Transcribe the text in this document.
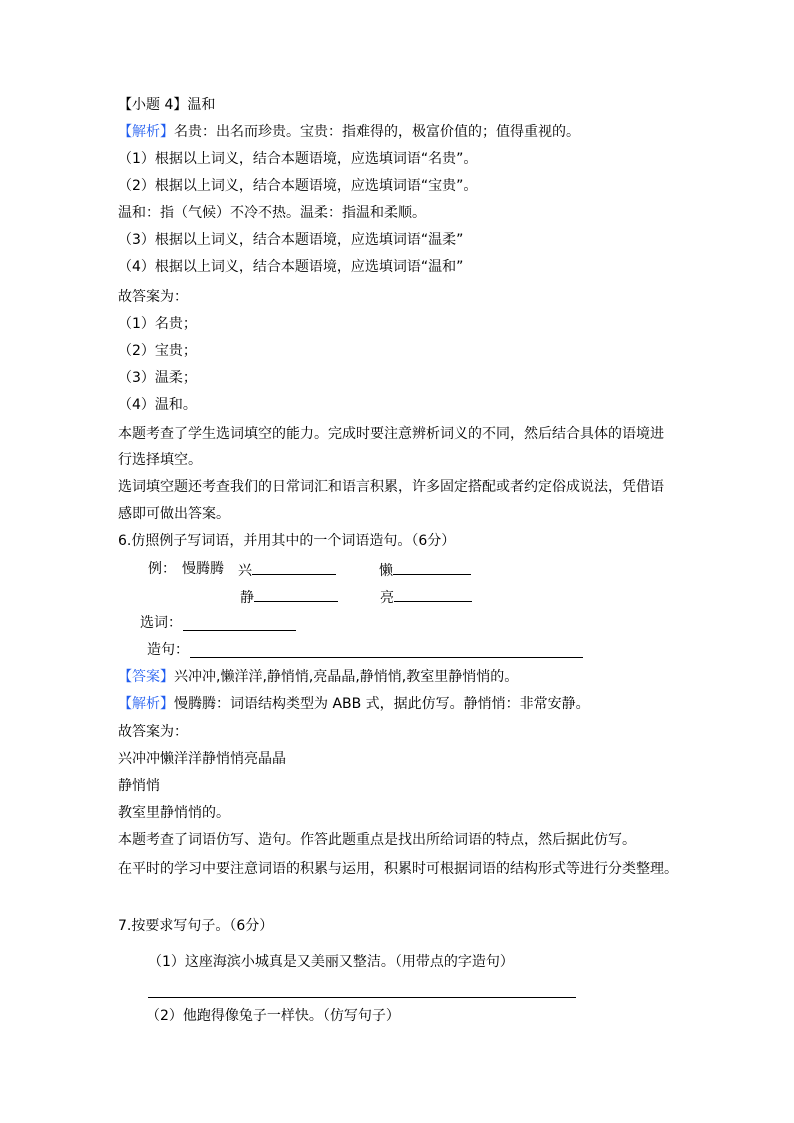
【小题 4】温和
【解析】名贵：出名而珍贵。宝贵：指难得的，极富价值的；值得重视的。
（1）根据以上词义，结合本题语境，应选填词语“名贵”。
（2）根据以上词义，结合本题语境，应选填词语“宝贵”。
温和：指（气候）不冷不热。温柔：指温和柔顺。
（3）根据以上词义，结合本题语境，应选填词语“温柔”
（4）根据以上词义，结合本题语境，应选填词语“温和”
故答案为：
（1）名贵；
（2）宝贵；
（3）温柔；
（4）温和。
本题考查了学生选词填空的能力。完成时要注意辨析词义的不同，然后结合具体的语境进
行选择填空。
选词填空题还考查我们的日常词汇和语言积累，许多固定搭配或者约定俗成说法，凭借语
感即可做出答案。
6.仿照例子写词语，并用其中的一个词语造句。（6分）
例： 慢腾腾 兴	懒
静	亮
选词：
造句：
【答案】兴冲冲,懒洋洋,静悄悄,亮晶晶,静悄悄,教室里静悄悄的。
【解析】慢腾腾：词语结构类型为 ABB 式，据此仿写。静悄悄：非常安静。
故答案为：
兴冲冲懒洋洋静悄悄亮晶晶
静悄悄
教室里静悄悄的。
本题考查了词语仿写、造句。作答此题重点是找出所给词语的特点，然后据此仿写。
在平时的学习中要注意词语的积累与运用，积累时可根据词语的结构形式等进行分类整理。
7.按要求写句子。（6分）
（1）这座海滨小城真是又美丽又整洁。（用带点的字造句）
（2）他跑得像兔子一样快。（仿写句子）
